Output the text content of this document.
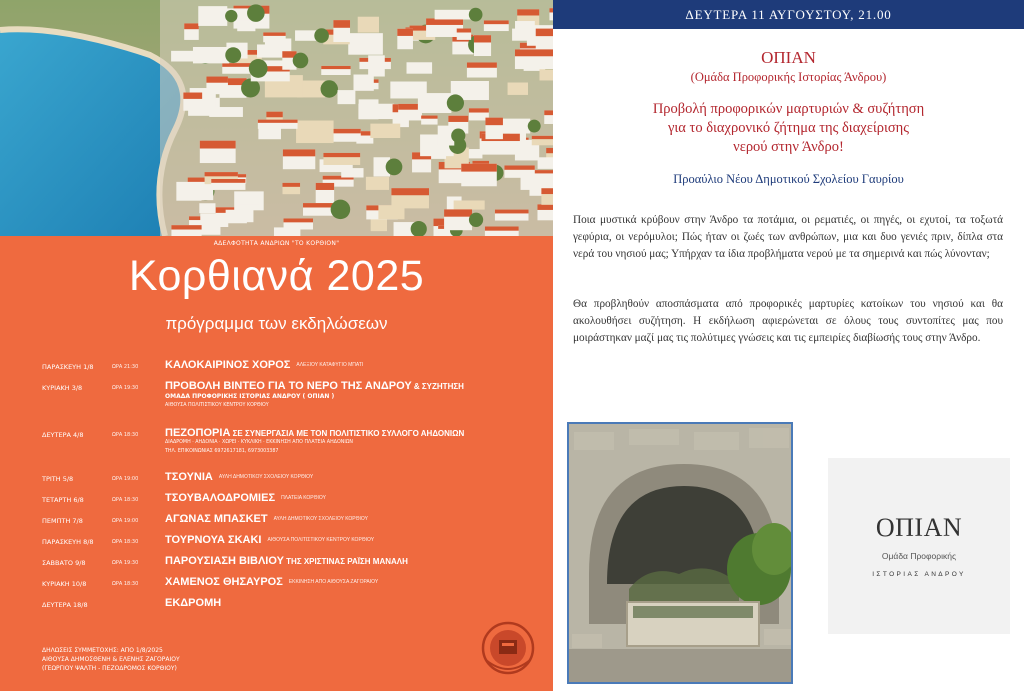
ΑΔΕΛΦΟΤΗΤΑ ΑΝΔΡΙΩΝ "ΤΟ ΚΟΡΘΙΟΝ"
Κορθιανά 2025
πρόγραμμα των εκδηλώσεων
ΠΑΡΑΣΚΕΥΗ 1/8	ΩΡΑ 21:30 ΚΑΛΟΚΑΙΡΙΝΟΣ ΧΟΡΟΣ ΑΛΕΞΙΟΥ ΚΑΤΑΦΥΓΙΟ ΜΠΑΤΙ
ΚΥΡΙΑΚΗ 3/8	ΩΡΑ 19:30 ΠΡΟΒΟΛΗ ΒΙΝΤΕΟ ΓΙΑ ΤΟ ΝΕΡΟ ΤΗΣ ΑΝΔΡΟΥ & ΣΥΖΗΤΗΣΗ
ΟΜΑΔΑ ΠΡΟΦΟΡΙΚΗΣ ΙΣΤΟΡΙΑΣ ΑΝΔΡΟΥ ( ΟΠΙΑΝ )
ΑΙΘΟΥΣΑ ΠΟΛΙΤΙΣΤΙΚΟΥ ΚΕΝΤΡΟΥ ΚΟΡΘΙΟΥ
ΔΕΥΤΕΡΑ 4/8	ΩΡΑ 18:30 ΠΕΖΟΠΟΡΙΑ ΣΕ ΣΥΝΕΡΓΑΣΙΑ ΜΕ ΤΟΝ ΠΟΛΙΤΙΣΤΙΚΟ ΣΥΛΛΟΓΟ ΑΗΔΟΝΙΩΝ
ΔΙΑΔΡΟΜΗ · ΑΗΔΟΝΙΑ · ΧΩΡΕΙ · ΚΥΚΛΙΚΗ · ΕΚΚΙΝΗΣΗ ΑΠΟ ΠΛΑΤΕΙΑ ΑΗΔΟΝΙΩΝ
ΤΗΛ. ΕΠΙΚΟΙΝΩΝΙΑΣ 6972617181, 6973003387
ΤΡΙΤΗ 5/8	ΩΡΑ 19:00 ΤΣΟΥΝΙΑ ΑΥΛΗ ΔΗΜΟΤΙΚΟΥ ΣΧΟΛΕΙΟΥ ΚΟΡΘΙΟΥ
ΤΕΤΑΡΤΗ 6/8	ΩΡΑ 18:30 ΤΣΟΥΒΑΛΟΔΡΟΜΙΕΣ ΠΛΑΤΕΙΑ ΚΟΡΘΙΟΥ
ΠΕΜΠΤΗ 7/8	ΩΡΑ 19:00 ΑΓΩΝΑΣ ΜΠΑΣΚΕΤ ΑΥΛΗ ΔΗΜΟΤΙΚΟΥ ΣΧΟΛΕΙΟΥ ΚΟΡΘΙΟΥ
ΠΑΡΑΣΚΕΥΗ 8/8	ΩΡΑ 18:30 ΤΟΥΡΝΟΥΑ ΣΚΑΚΙ ΑΙΘΟΥΣΑ ΠΟΛΙΤΙΣΤΙΚΟΥ ΚΕΝΤΡΟΥ ΚΟΡΘΙΟΥ
ΣΑΒΒΑΤΟ 9/8	ΩΡΑ 19:30 ΠΑΡΟΥΣΙΑΣΗ ΒΙΒΛΙΟΥ ΤΗΣ ΧΡΙΣΤΙΝΑΣ ΡΑΪΣΗ ΜΑΝΑΛΗ
ΚΥΡΙΑΚΗ 10/8	ΩΡΑ 18:30 ΧΑΜΕΝΟΣ ΘΗΣΑΥΡΟΣ ΕΚΚΙΝΗΣΗ ΑΠΟ ΑΙΘΟΥΣΑ ΖΑΓΟΡΑΙΟΥ
ΔΕΥΤΕΡΑ 18/8	ΕΚΔΡΟΜΗ
ΔΗΛΩΣΕΙΣ ΣΥΜΜΕΤΟΧΗΣ: ΑΠΟ 1/8/2025
ΑΙΘΟΥΣΑ ΔΗΜΟΣΘΕΝΗ & ΕΛΕΝΗΣ ΖΑΓΟΡΑΙΟΥ
(ΓΕΩΡΓΙΟΥ ΨΑΛΤΗ - ΠΕΖΟΔΡΟΜΟΣ ΚΟΡΘΙΟΥ)
ΔΕΥΤΕΡΑ 11 ΑΥΓΟΥΣΤΟΥ, 21.00
ΟΠΙΑΝ
(Ομάδα Προφορικής Ιστορίας Άνδρου)
Προβολή προφορικών μαρτυριών & συζήτηση
για το διαχρονικό ζήτημα της διαχείρισης
νερού στην Άνδρο!
Προαύλιο Νέου Δημοτικού Σχολείου Γαυρίου
Ποια μυστικά κρύβουν στην Άνδρο τα ποτάμια, οι ρεματιές, οι πηγές, οι εχυτοί, τα τοξωτά γεφύρια, οι νερόμυλοι; Πώς ήταν οι ζωές των ανθρώπων, μια και δυο γενιές πριν, δίπλα στα νερά του νησιού μας; Υπήρχαν τα ίδια προβλήματα νερού με τα σημερινά και πώς λύνονταν;
Θα προβληθούν αποσπάσματα από προφορικές μαρτυρίες κατοίκων του νησιού και θα ακολουθήσει συζήτηση. Η εκδήλωση αφιερώνεται σε όλους τους συντοπίτες μας που μοιράστηκαν μαζί μας τις πολύτιμες γνώσεις και τις εμπειρίες διαβίωσής τους στην Άνδρο.
ΟΠΙΑΝ
Ομάδα Προφορικής
ΙΣΤΟΡΙΑΣ ΑΝΔΡΟΥ
